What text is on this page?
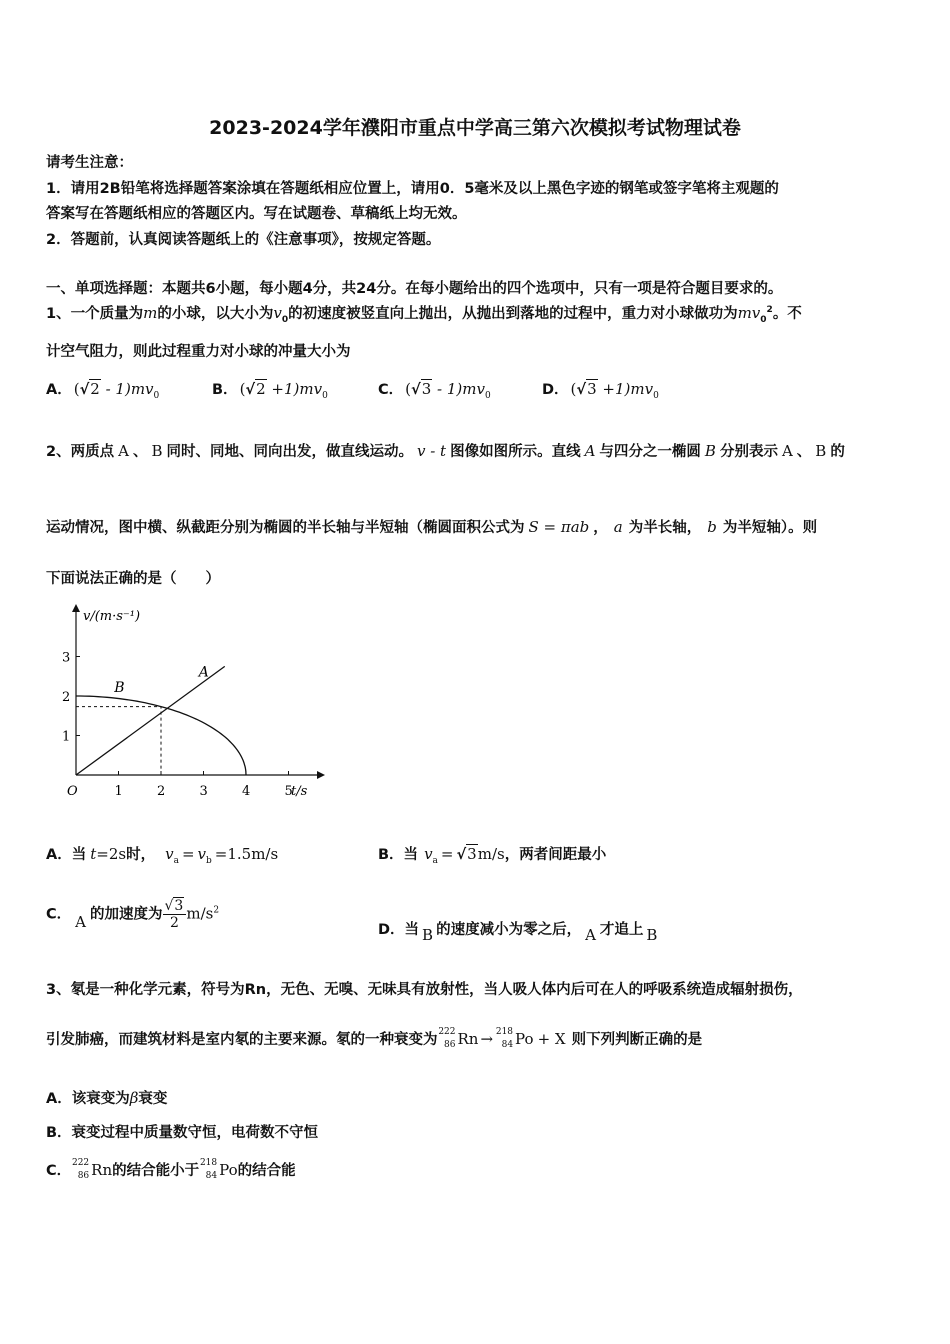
2023-2024学年濮阳市重点中学高三第六次模拟考试物理试卷
请考生注意：
1．请用2B铅笔将选择题答案涂填在答题纸相应位置上，请用0．5毫米及以上黑色字迹的钢笔或签字笔将主观题的
答案写在答题纸相应的答题区内。写在试题卷、草稿纸上均无效。
2．答题前，认真阅读答题纸上的《注意事项》，按规定答题。
一、单项选择题：本题共6小题，每小题4分，共24分。在每小题给出的四个选项中，只有一项是符合题目要求的。
1、一个质量为m的小球，以大小为$v_0$的初速度被竖直向上抛出，从抛出到落地的过程中，重力对小球做功为$mv_0^2$。不
计空气阻力，则此过程重力对小球的冲量大小为
A． $(√2 - 1)mv_0$	B． $(√2 +1)mv_0$	C． $(√3 - 1)mv_0$	D． $(√3 +1)mv_0$
2、两质点 A 、 B 同时、同地、同向出发，做直线运动。 v - t 图像如图所示。直线 A 与四分之一椭圆 B 分别表示 A 、 B 的
运动情况，图中横、纵截距分别为椭圆的半长轴与半短轴（椭圆面积公式为 S = πab ， a 为半长轴， b 为半短轴）。则
下面说法正确的是（　　）
v/(m·s⁻¹)
t/s
O	1	2	3	4	5
1
2
3
A
B
A．当 t=2s时， $v_a = v_b =1.5m/s$	B．当 $v_a = √3m/s$，两者间距最小
C． A 的加速度为 $\frac{√3}{2} m/s^2$
D．当 B 的速度减小为零之后， A 才追上 B
3、氡是一种化学元素，符号为Rn，无色、无嗅、无味具有放射性，当人吸人体内后可在人的呼吸系统造成辐射损伤，
引发肺癌，而建筑材料是室内氡的主要来源。氡的一种衰变为 222
86 Rn → 218
84 Po + X 则下列判断正确的是
A．该衰变为β衰变
B．衰变过程中质量数守恒，电荷数不守恒
C． 222
86 Rn的结合能小于 218
84 Po的结合能
